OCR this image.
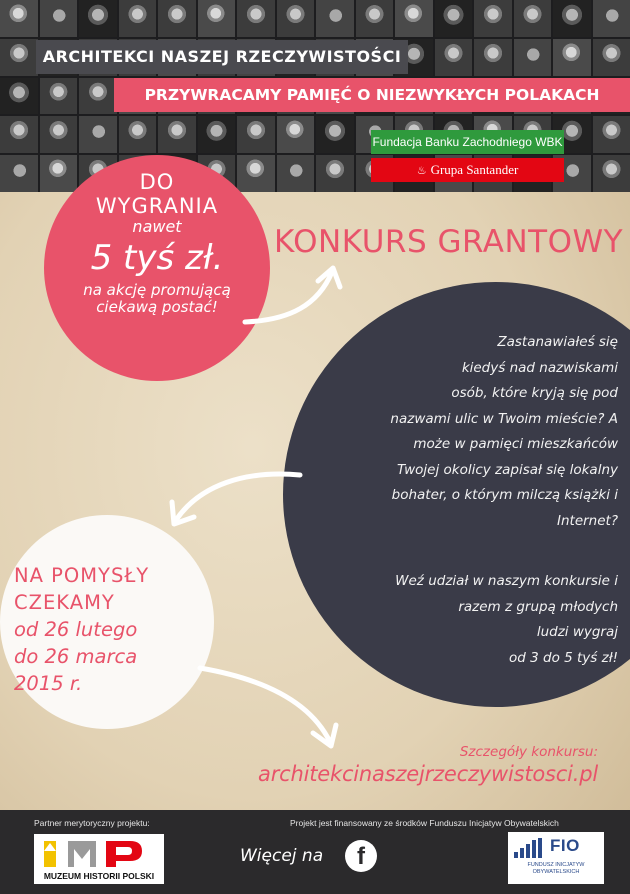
ARCHITEKCI NASZEJ RZECZYWISTOŚCI
PRZYWRACAMY PAMIĘĆ O NIEZWYKŁYCH POLAKACH
Fundacja Banku Zachodniego WBK
♨ Grupa Santander
DO
WYGRANIA
nawet
5 tyś zł.
na akcję promującą
ciekawą postać!
KONKURS GRANTOWY
Zastanawiałeś się
kiedyś nad nazwiskami
osób, które kryją się pod
nazwami ulic w Twoim mieście? A
może w pamięci mieszkańców
Twojej okolicy zapisał się lokalny
bohater, o którym milczą książki i
Internet?
Weź udział w naszym konkursie i
razem z grupą młodych
ludzi wygraj
od 3 do 5 tyś zł!
NA POMYSŁY
CZEKAMY
od 26 lutego
do 26 marca
2015 r.
Szczegóły konkursu:
architekcinaszejrzeczywistosci.pl
Partner merytoryczny projektu:	Projekt jest finansowany ze środków Funduszu Inicjatyw Obywatelskich
MUZEUM HISTORII POLSKI
Więcej na	f	FIO
FUNDUSZ INICJATYW OBYWATELSKICH
